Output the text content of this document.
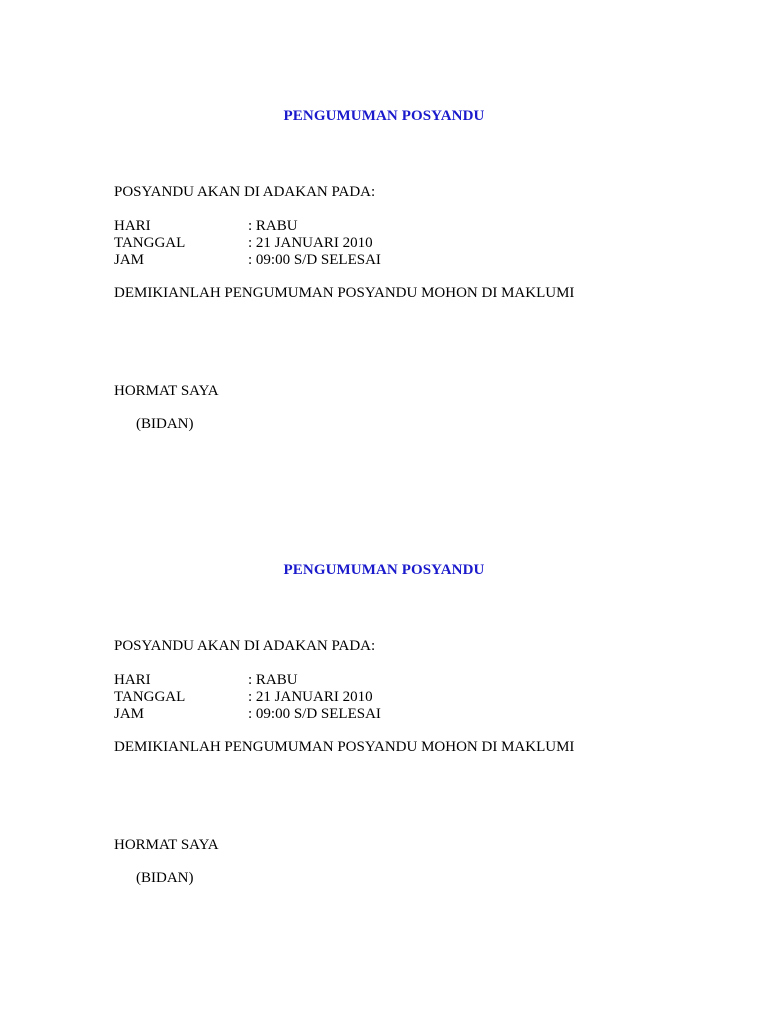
PENGUMUMAN POSYANDU
POSYANDU AKAN DI ADAKAN PADA:
HARI	: RABU
TANGGAL	: 21 JANUARI 2010
JAM	: 09:00 S/D SELESAI
DEMIKIANLAH PENGUMUMAN POSYANDU MOHON DI MAKLUMI
HORMAT SAYA
(BIDAN)
PENGUMUMAN POSYANDU
POSYANDU AKAN DI ADAKAN PADA:
HARI	: RABU
TANGGAL	: 21 JANUARI 2010
JAM	: 09:00 S/D SELESAI
DEMIKIANLAH PENGUMUMAN POSYANDU MOHON DI MAKLUMI
HORMAT SAYA
(BIDAN)
